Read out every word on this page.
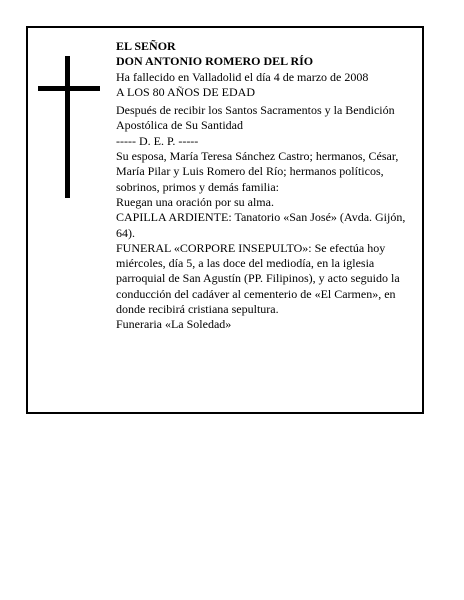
EL SEÑOR

DON ANTONIO ROMERO DEL RÍO

Ha fallecido en Valladolid el día 4 de marzo de 2008

A LOS 80 AÑOS DE EDAD

Después de recibir los Santos Sacramentos y la Bendición Apostólica de Su Santidad

----- D. E. P. -----

Su esposa, María Teresa Sánchez Castro; hermanos, César, María Pilar y Luis Romero del Río; hermanos políticos, sobrinos, primos y demás familia:

Ruegan una oración por su alma.

CAPILLA ARDIENTE: Tanatorio «San José» (Avda. Gijón, 64).

FUNERAL «CORPORE INSEPULTO»: Se efectúa hoy miércoles, día 5, a las doce del mediodía, en la iglesia parroquial de San Agustín (PP. Filipinos), y acto seguido la conducción del cadáver al cementerio de «El Carmen», en donde recibirá cristiana sepultura.

Funeraria «La Soledad»
